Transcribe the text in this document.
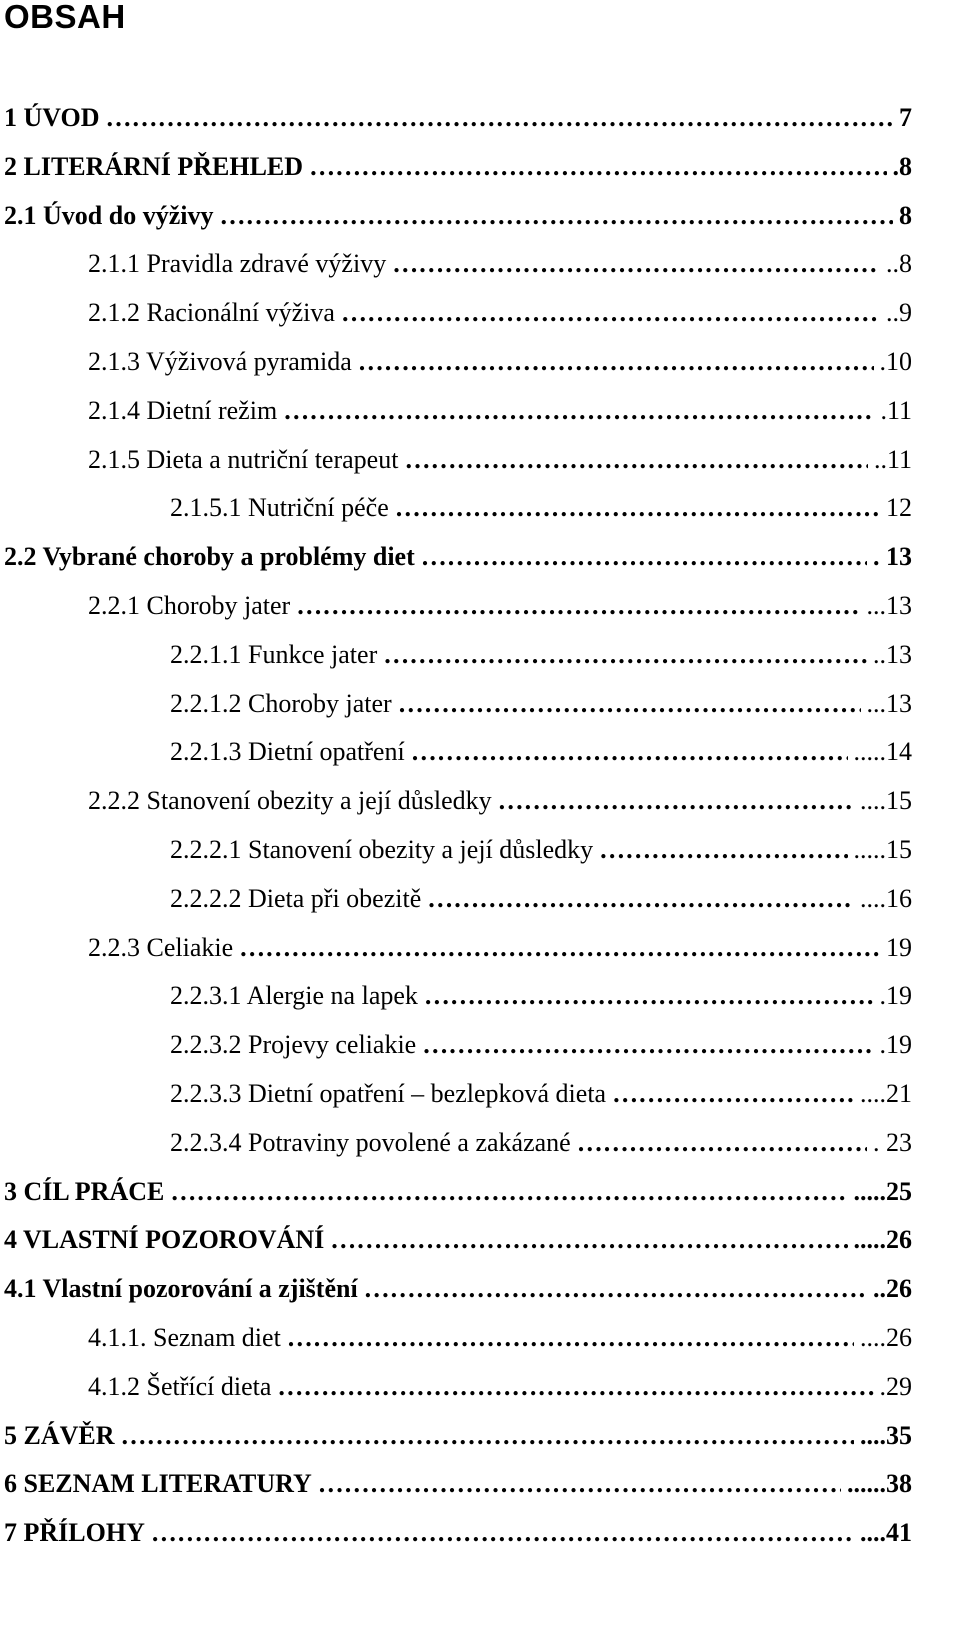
OBSAH
1 ÚVOD ……………………………………………………………………………………………………………………………………………………………………………………………………………………	7
2 LITERÁRNÍ PŘEHLED ……………………………………………………………………………………………………………………………………………………………………………………………………………………	.8
2.1 Úvod do výživy ……………………………………………………………………………………………………………………………………………………………………………………………………………………	8
2.1.1 Pravidla zdravé výživy ……………………………………………………………………………………………………………………………………………………………………………………………………………………	..8
2.1.2 Racionální výživa ……………………………………………………………………………………………………………………………………………………………………………………………………………………	..9
2.1.3 Výživová pyramida ……………………………………………………………………………………………………………………………………………………………………………………………………………………	.10
2.1.4 Dietní režim ……………………………………………………………………………………………………………………………………………………………………………………………………………………	.11
2.1.5 Dieta a nutriční terapeut ……………………………………………………………………………………………………………………………………………………………………………………………………………………	..11
2.1.5.1 Nutriční péče ……………………………………………………………………………………………………………………………………………………………………………………………………………………	12
2.2 Vybrané choroby a problémy diet ……………………………………………………………………………………………………………………………………………………………………………………………………………………	. 13
2.2.1 Choroby jater ……………………………………………………………………………………………………………………………………………………………………………………………………………………	...13
2.2.1.1 Funkce jater ……………………………………………………………………………………………………………………………………………………………………………………………………………………	..13
2.2.1.2 Choroby jater ……………………………………………………………………………………………………………………………………………………………………………………………………………………	...13
2.2.1.3 Dietní opatření ……………………………………………………………………………………………………………………………………………………………………………………………………………………	.....14
2.2.2 Stanovení obezity a její důsledky ……………………………………………………………………………………………………………………………………………………………………………………………………………………	....15
2.2.2.1 Stanovení obezity a její důsledky ……………………………………………………………………………………………………………………………………………………………………………………………………………………	.....15
2.2.2.2 Dieta při obezitě ……………………………………………………………………………………………………………………………………………………………………………………………………………………	....16
2.2.3 Celiakie ……………………………………………………………………………………………………………………………………………………………………………………………………………………	19
2.2.3.1 Alergie na lapek ……………………………………………………………………………………………………………………………………………………………………………………………………………………	.19
2.2.3.2 Projevy celiakie ……………………………………………………………………………………………………………………………………………………………………………………………………………………	.19
2.2.3.3 Dietní opatření – bezlepková dieta ……………………………………………………………………………………………………………………………………………………………………………………………………………………	....21
2.2.3.4 Potraviny povolené a zakázané ……………………………………………………………………………………………………………………………………………………………………………………………………………………	. 23
3 CÍL PRÁCE ……………………………………………………………………………………………………………………………………………………………………………………………………………………	.....25
4 VLASTNÍ POZOROVÁNÍ ……………………………………………………………………………………………………………………………………………………………………………………………………………………	.....26
4.1 Vlastní pozorování a zjištění ……………………………………………………………………………………………………………………………………………………………………………………………………………………	..26
4.1.1. Seznam diet ……………………………………………………………………………………………………………………………………………………………………………………………………………………	....26
4.1.2 Šetřící dieta ……………………………………………………………………………………………………………………………………………………………………………………………………………………	.29
5 ZÁVĚR ……………………………………………………………………………………………………………………………………………………………………………………………………………………	....35
6 SEZNAM LITERATURY ……………………………………………………………………………………………………………………………………………………………………………………………………………………	......38
7 PŘÍLOHY ……………………………………………………………………………………………………………………………………………………………………………………………………………………	....41
